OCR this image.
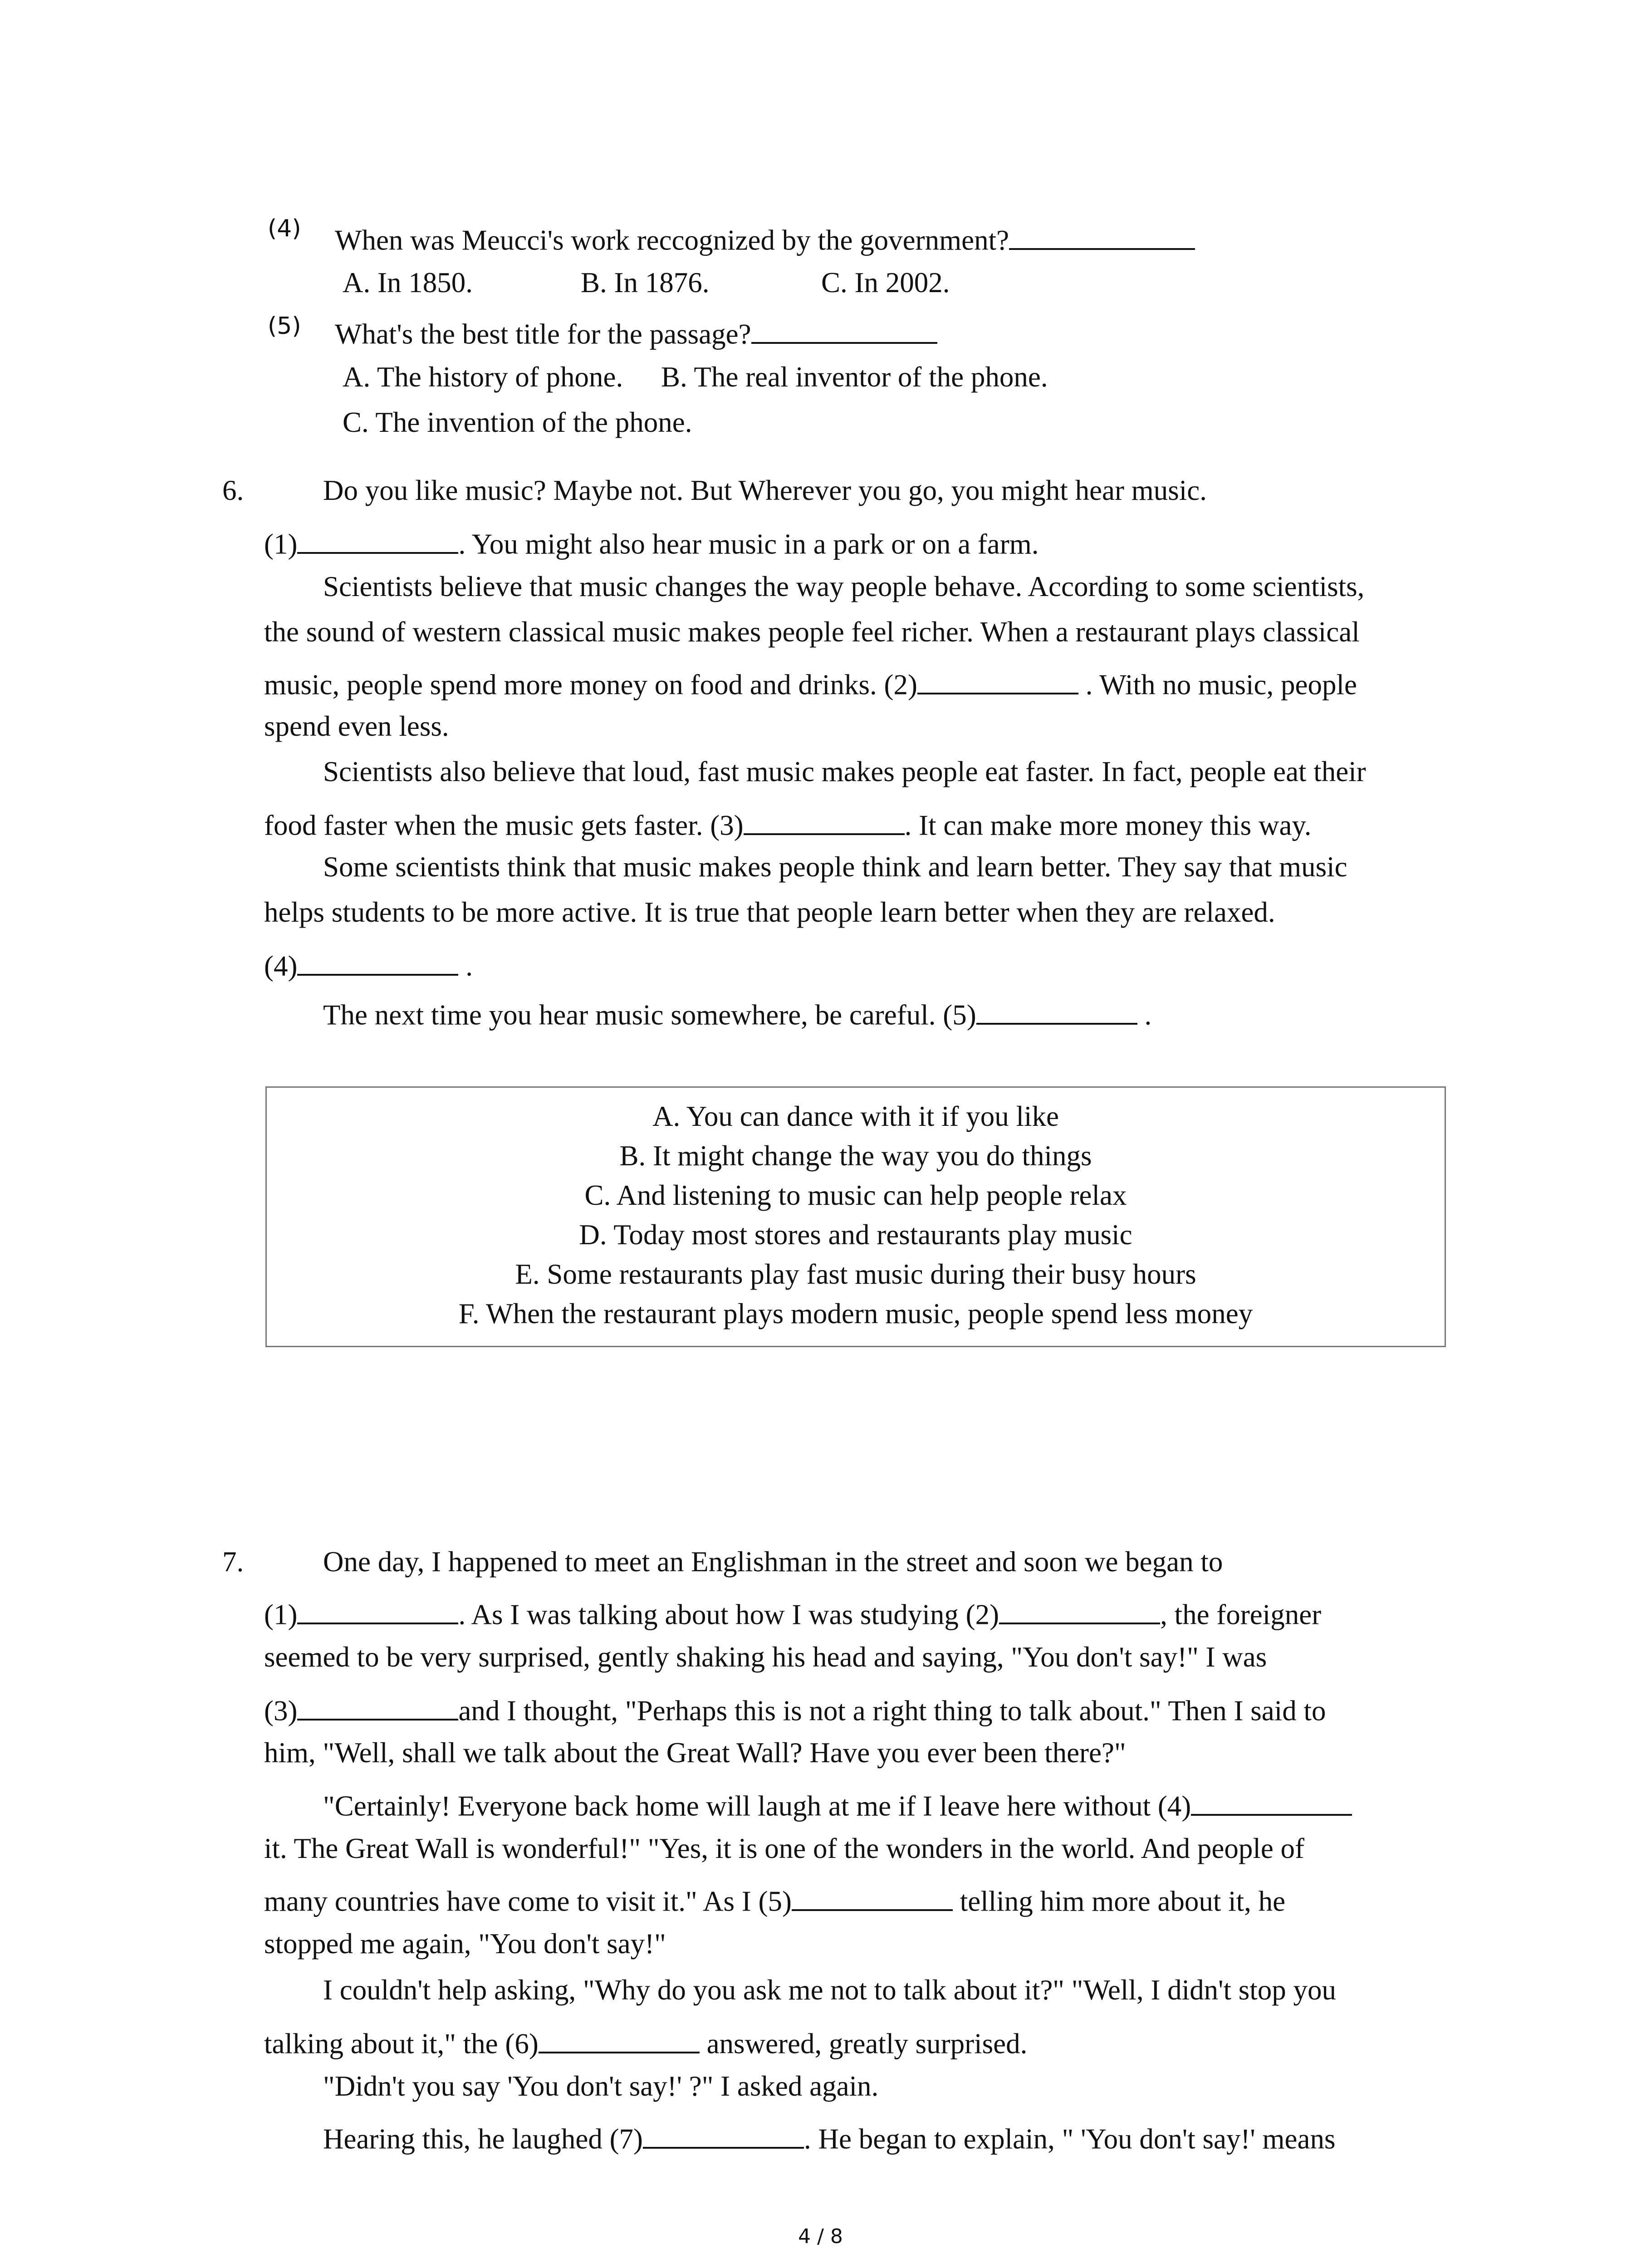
(4) When was Meucci's work reccognized by the government?
A. In 1850.	B. In 1876.	C. In 2002.
(5) What's the best title for the passage?
A. The history of phone. B. The real inventor of the phone.
C. The invention of the phone.
6.	Do you like music? Maybe not. But Wherever you go, you might hear music.
(1)	. You might also hear music in a park or on a farm.
Scientists believe that music changes the way people behave. According to some scientists,
the sound of western classical music makes people feel richer. When a restaurant plays classical
music, people spend more money on food and drinks. (2)	. With no music, people
spend even less.
Scientists also believe that loud, fast music makes people eat faster. In fact, people eat their
food faster when the music gets faster. (3)	. It can make more money this way.
Some scientists think that music makes people think and learn better. They say that music
helps students to be more active. It is true that people learn better when they are relaxed.
(4)	.
The next time you hear music somewhere, be careful. (5)	.
A. You can dance with it if you like
B. It might change the way you do things
C. And listening to music can help people relax
D. Today most stores and restaurants play music
E. Some restaurants play fast music during their busy hours
F. When the restaurant plays modern music, people spend less money
7.	One day, I happened to meet an Englishman in the street and soon we began to
(1)	. As I was talking about how I was studying (2)	, the foreigner
seemed to be very surprised, gently shaking his head and saying, "You don't say!" I was
(3)	and I thought, "Perhaps this is not a right thing to talk about." Then I said to
him, "Well, shall we talk about the Great Wall? Have you ever been there?"
"Certainly! Everyone back home will laugh at me if I leave here without (4)
it. The Great Wall is wonderful!" "Yes, it is one of the wonders in the world. And people of
many countries have come to visit it." As I (5)	telling him more about it, he
stopped me again, "You don't say!"
I couldn't help asking, "Why do you ask me not to talk about it?" "Well, I didn't stop you
talking about it," the (6)	answered, greatly surprised.
"Didn't you say 'You don't say!' ?" I asked again.
Hearing this, he laughed (7)	. He began to explain, " 'You don't say!' means
4 / 8
